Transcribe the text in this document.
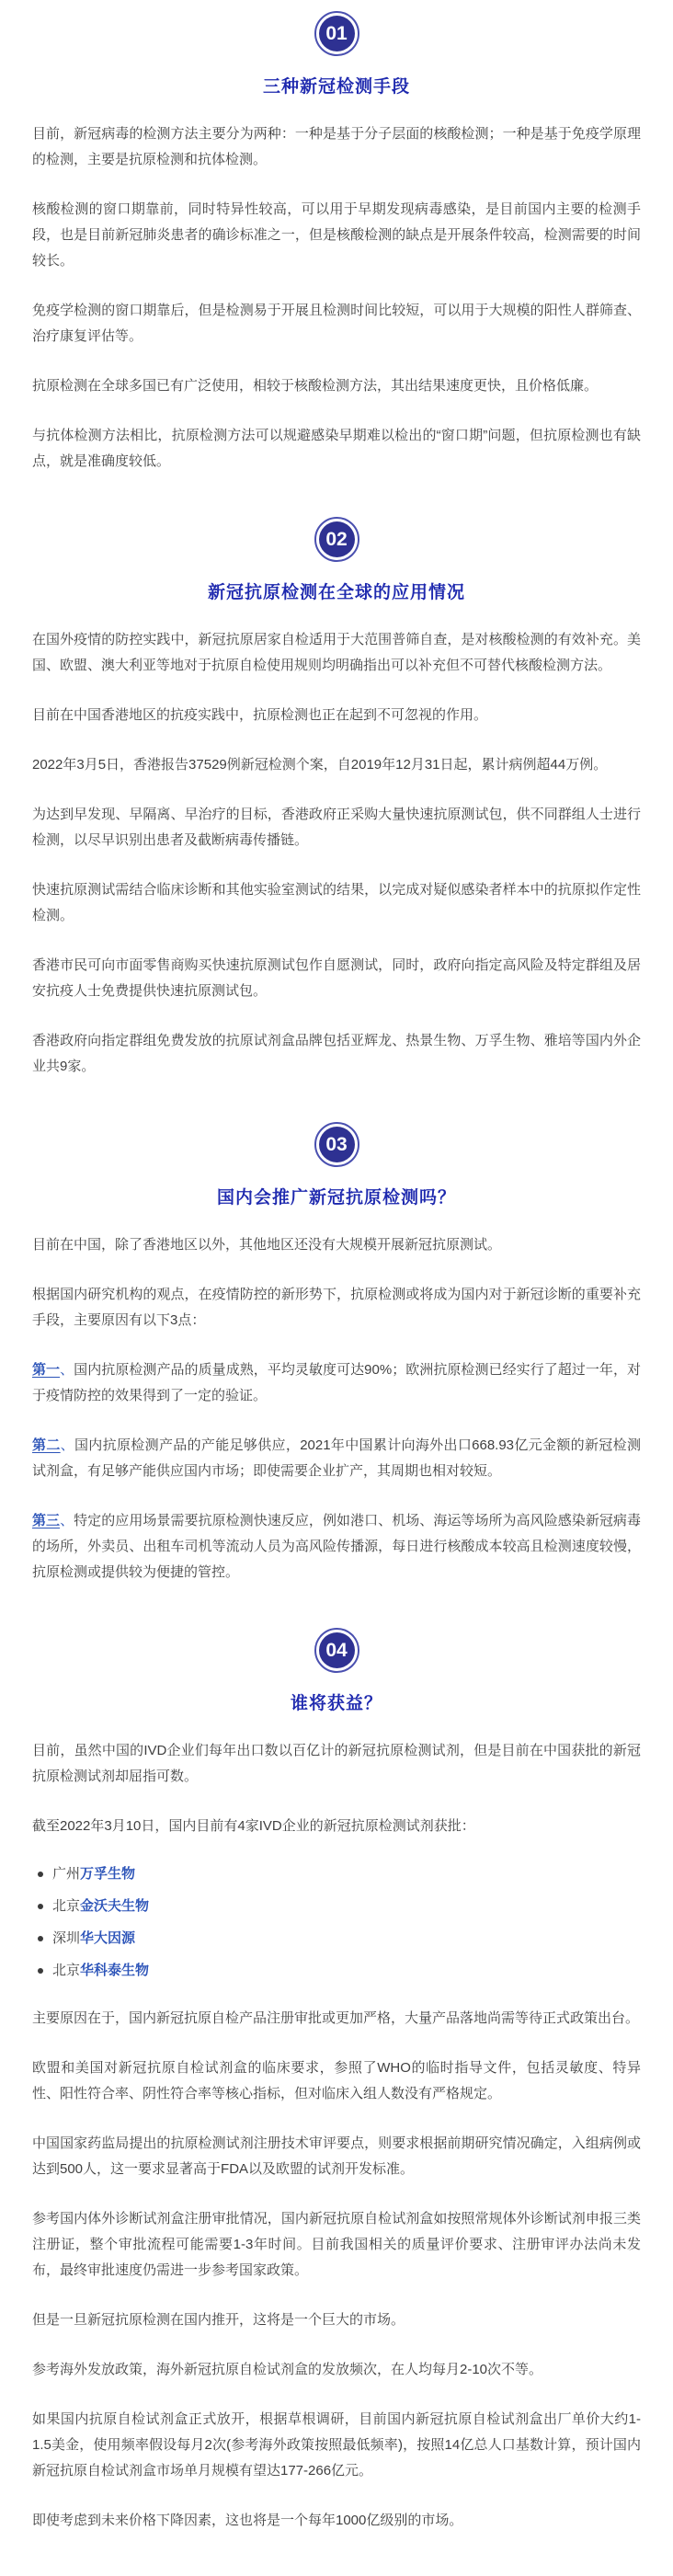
01
三种新冠检测手段

目前，新冠病毒的检测方法主要分为两种：一种是基于分子层面的核酸检测；一种是基于免疫学原理的检测，主要是抗原检测和抗体检测。

核酸检测的窗口期靠前，同时特异性较高，可以用于早期发现病毒感染，是目前国内主要的检测手段，也是目前新冠肺炎患者的确诊标准之一，但是核酸检测的缺点是开展条件较高，检测需要的时间较长。

免疫学检测的窗口期靠后，但是检测易于开展且检测时间比较短，可以用于大规模的阳性人群筛查、治疗康复评估等。

抗原检测在全球多国已有广泛使用，相较于核酸检测方法，其出结果速度更快，且价格低廉。

与抗体检测方法相比，抗原检测方法可以规避感染早期难以检出的“窗口期”问题，但抗原检测也有缺点，就是准确度较低。

02
新冠抗原检测在全球的应用情况

在国外疫情的防控实践中，新冠抗原居家自检适用于大范围普筛自查，是对核酸检测的有效补充。美国、欧盟、澳大利亚等地对于抗原自检使用规则均明确指出可以补充但不可替代核酸检测方法。

目前在中国香港地区的抗疫实践中，抗原检测也正在起到不可忽视的作用。

2022年3月5日，香港报告37529例新冠检测个案，自2019年12月31日起，累计病例超44万例。

为达到早发现、早隔离、早治疗的目标，香港政府正采购大量快速抗原测试包，供不同群组人士进行检测，以尽早识别出患者及截断病毒传播链。

快速抗原测试需结合临床诊断和其他实验室测试的结果，以完成对疑似感染者样本中的抗原拟作定性检测。

香港市民可向市面零售商购买快速抗原测试包作自愿测试，同时，政府向指定高风险及特定群组及居安抗疫人士免费提供快速抗原测试包。

香港政府向指定群组免费发放的抗原试剂盒品牌包括亚辉龙、热景生物、万孚生物、雅培等国内外企业共9家。

03
国内会推广新冠抗原检测吗？

目前在中国，除了香港地区以外，其他地区还没有大规模开展新冠抗原测试。

根据国内研究机构的观点，在疫情防控的新形势下，抗原检测或将成为国内对于新冠诊断的重要补充手段，主要原因有以下3点：

第一、国内抗原检测产品的质量成熟，平均灵敏度可达90%；欧洲抗原检测已经实行了超过一年，对于疫情防控的效果得到了一定的验证。

第二、国内抗原检测产品的产能足够供应，2021年中国累计向海外出口668.93亿元金额的新冠检测试剂盒，有足够产能供应国内市场；即使需要企业扩产，其周期也相对较短。

第三、特定的应用场景需要抗原检测快速反应，例如港口、机场、海运等场所为高风险感染新冠病毒的场所，外卖员、出租车司机等流动人员为高风险传播源，每日进行核酸成本较高且检测速度较慢，抗原检测或提供较为便捷的管控。

04
谁将获益？

目前，虽然中国的IVD企业们每年出口数以百亿计的新冠抗原检测试剂，但是目前在中国获批的新冠抗原检测试剂却屈指可数。

截至2022年3月10日，国内目前有4家IVD企业的新冠抗原检测试剂获批：

广州万孚生物
北京金沃夫生物
深圳华大因源
北京华科泰生物

主要原因在于，国内新冠抗原自检产品注册审批或更加严格，大量产品落地尚需等待正式政策出台。

欧盟和美国对新冠抗原自检试剂盒的临床要求，参照了WHO的临时指导文件，包括灵敏度、特异性、阳性符合率、阴性符合率等核心指标，但对临床入组人数没有严格规定。

中国国家药监局提出的抗原检测试剂注册技术审评要点，则要求根据前期研究情况确定，入组病例或达到500人，这一要求显著高于FDA以及欧盟的试剂开发标准。

参考国内体外诊断试剂盒注册审批情况，国内新冠抗原自检试剂盒如按照常规体外诊断试剂申报三类注册证，整个审批流程可能需要1-3年时间。目前我国相关的质量评价要求、注册审评办法尚未发布，最终审批速度仍需进一步参考国家政策。

但是一旦新冠抗原检测在国内推开，这将是一个巨大的市场。

参考海外发放政策，海外新冠抗原自检试剂盒的发放频次，在人均每月2-10次不等。

如果国内抗原自检试剂盒正式放开，根据草根调研，目前国内新冠抗原自检试剂盒出厂单价大约1-1.5美金，使用频率假设每月2次(参考海外政策按照最低频率)，按照14亿总人口基数计算，预计国内新冠抗原自检试剂盒市场单月规模有望达177-266亿元。

即使考虑到未来价格下降因素，这也将是一个每年1000亿级别的市场。
